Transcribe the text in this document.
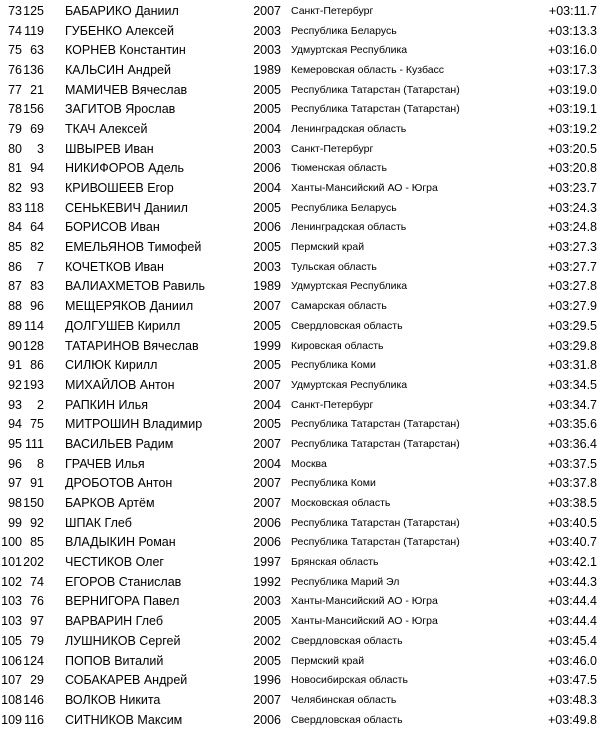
73 125 БАБАРИКО Даниил	2007 Санкт-Петербург	+03:11.7
74 119 ГУБЕНКО Алексей	2003 Республика Беларусь	+03:13.3
75 63 КОРНЕВ Константин	2003 Удмуртская Республика	+03:16.0
76 136 КАЛЬСИН Андрей	1989 Кемеровская область - Кузбасс	+03:17.3
77 21 МАМИЧЕВ Вячеслав	2005 Республика Татарстан (Татарстан)	+03:19.0
78 156 ЗАГИТОВ Ярослав	2005 Республика Татарстан (Татарстан)	+03:19.1
79 69 ТКАЧ Алексей	2004 Ленинградская область	+03:19.2
80	3 ШВЫРЕВ Иван	2003 Санкт-Петербург	+03:20.5
81 94 НИКИФОРОВ Адель	2006 Тюменская область	+03:20.8
82 93 КРИВОШЕЕВ Егор	2004 Ханты-Мансийский АО - Югра	+03:23.7
83 118 СЕНЬКЕВИЧ Даниил	2005 Республика Беларусь	+03:24.3
84 64 БОРИСОВ Иван	2006 Ленинградская область	+03:24.8
85 82 ЕМЕЛЬЯНОВ Тимофей	2005 Пермский край	+03:27.3
86	7 КОЧЕТКОВ Иван	2003 Тульская область	+03:27.7
87 83 ВАЛИАХМЕТОВ Равиль	1989 Удмуртская Республика	+03:27.8
88 96 МЕЩЕРЯКОВ Даниил	2007 Самарская область	+03:27.9
89 114 ДОЛГУШЕВ Кирилл	2005 Свердловская область	+03:29.5
90 128 ТАТАРИНОВ Вячеслав	1999 Кировская область	+03:29.8
91 86 СИЛЮК Кирилл	2005 Республика Коми	+03:31.8
92 193 МИХАЙЛОВ Антон	2007 Удмуртская Республика	+03:34.5
93	2 РАПКИН Илья	2004 Санкт-Петербург	+03:34.7
94 75 МИТРОШИН Владимир	2005 Республика Татарстан (Татарстан)	+03:35.6
95 111 ВАСИЛЬЕВ Радим	2007 Республика Татарстан (Татарстан)	+03:36.4
96	8 ГРАЧЕВ Илья	2004 Москва	+03:37.5
97 91 ДРОБОТОВ Антон	2007 Республика Коми	+03:37.8
98 150 БАРКОВ Артём	2007 Московская область	+03:38.5
99 92 ШПАК Глеб	2006 Республика Татарстан (Татарстан)	+03:40.5
100 85 ВЛАДЫКИН Роман	2006 Республика Татарстан (Татарстан)	+03:40.7
101 202 ЧЕСТИКОВ Олег	1997 Брянская область	+03:42.1
102 74 ЕГОРОВ Станислав	1992 Республика Марий Эл	+03:44.3
103 76 ВЕРНИГОРА Павел	2003 Ханты-Мансийский АО - Югра	+03:44.4
103 97 ВАРВАРИН Глеб	2005 Ханты-Мансийский АО - Югра	+03:44.4
105 79 ЛУШНИКОВ Сергей	2002 Свердловская область	+03:45.4
106 124 ПОПОВ Виталий	2005 Пермский край	+03:46.0
107 29 СОБАКАРЕВ Андрей	1996 Новосибирская область	+03:47.5
108 146 ВОЛКОВ Никита	2007 Челябинская область	+03:48.3
109 116 СИТНИКОВ Максим	2006 Свердловская область	+03:49.8
